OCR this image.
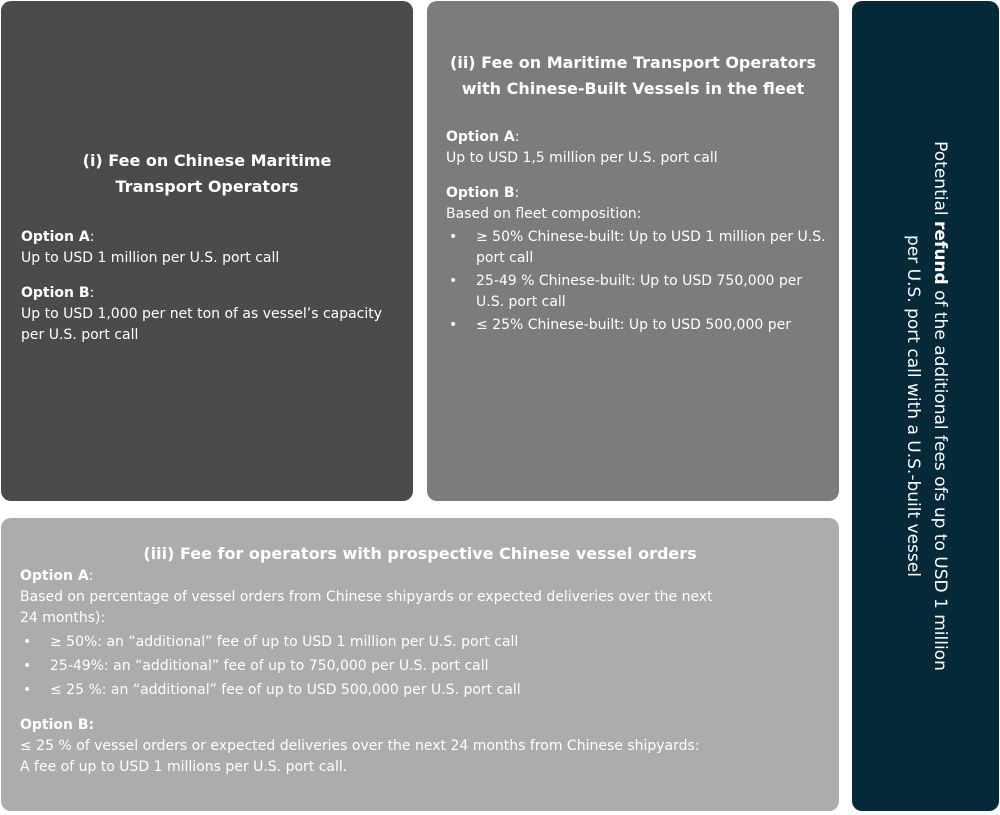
(i) Fee on Chinese Maritime
Transport Operators
Option A:
Up to USD 1 million per U.S. port call
Option B:
Up to USD 1,000 per net ton of as vessel’s capacity per U.S. port call
(ii) Fee on Maritime Transport Operators
with Chinese-Built Vessels in the fleet
Option A:
Up to USD 1,5 million per U.S. port call
Option B:
Based on fleet composition:
• ≥ 50% Chinese-built: Up to USD 1 million per U.S. port call
• 25-49 % Chinese-built: Up to USD 750,000 per U.S. port call
• ≤ 25% Chinese-built: Up to USD 500,000 per
(iii) Fee for operators with prospective Chinese vessel orders
Option A:
Based on percentage of vessel orders from Chinese shipyards or expected deliveries over the next 24 months):
• ≥ 50%: an “additional” fee of up to USD 1 million per U.S. port call
• 25-49%: an “additional” fee of up to 750,000 per U.S. port call
• ≤ 25 %: an “additional” fee of up to USD 500,000 per U.S. port call
Option B:
≤ 25 % of vessel orders or expected deliveries over the next 24 months from Chinese shipyards:
A fee of up to USD 1 millions per U.S. port call.
Potential refund of the additional fees ofs up to USD 1 million per U.S. port call with a U.S.-built vessel
